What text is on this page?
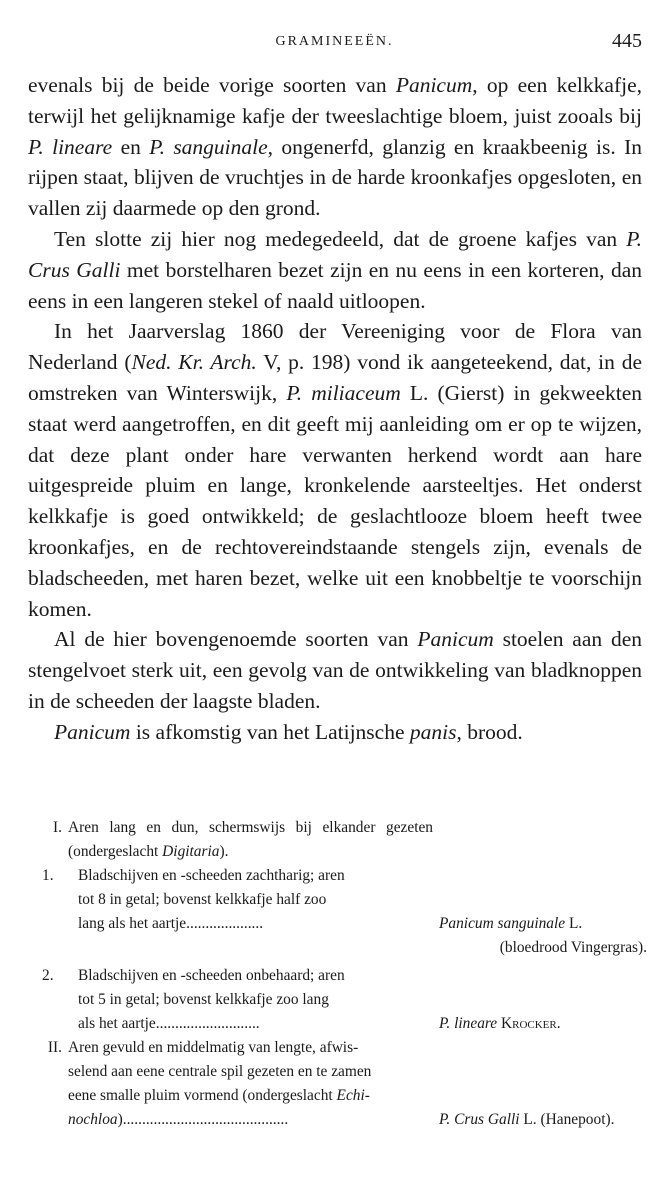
GRAMINEEËN.	445

evenals bij de beide vorige soorten van Panicum, op een kelkkafje, terwijl het gelijknamige kafje der tweeslachtige bloem, juist zooals bij P. lineare en P. sanguinale, ongenerfd, glanzig en kraakbeenig is. In rijpen staat, blijven de vruchtjes in de harde kroonkafjes opgesloten, en vallen zij daarmede op den grond.

Ten slotte zij hier nog medegedeeld, dat de groene kafjes van P. Crus Galli met borstelharen bezet zijn en nu eens in een korteren, dan eens in een langeren stekel of naald uitloopen.

In het Jaarverslag 1860 der Vereeniging voor de Flora van Nederland (Ned. Kr. Arch. V, p. 198) vond ik aangeteekend, dat, in de omstreken van Winterswijk, P. miliaceum L. (Gierst) in gekweekten staat werd aangetroffen, en dit geeft mij aanleiding om er op te wijzen, dat deze plant onder hare verwanten herkend wordt aan hare uitgespreide pluim en lange, kronkelende aarsteeltjes. Het onderst kelkkafje is goed ontwikkeld; de geslachtlooze bloem heeft twee kroonkafjes, en de rechtovereindstaande stengels zijn, evenals de bladscheeden, met haren bezet, welke uit een knobbeltje te voorschijn komen.

Al de hier bovengenoemde soorten van Panicum stoelen aan den stengelvoet sterk uit, een gevolg van de ontwikkeling van bladknoppen in de scheeden der laagste bladen.

Panicum is afkomstig van het Latijnsche panis, brood.

I. Aren lang en dun, schermswijs bij elkander gezeten (ondergeslacht Digitaria).
1. Bladschijven en -scheeden zachtharig; aren
tot 8 in getal; bovenst kelkkafje half zoo
lang als het aartje ....................	Panicum sanguinale L.
(bloedrood Vingergras).
2. Bladschijven en -scheeden onbehaard; aren
tot 5 in getal; bovenst kelkkafje zoo lang
als het aartje ...........................	P. lineare Krocker.
II. Aren gevuld en middelmatig van lengte, afwis-
selend aan eene centrale spil gezeten en te zamen
eene smalle pluim vormend (ondergeslacht Echi-
nochloa ) ...........................................	P. Crus Galli L. (Hanepoot).
